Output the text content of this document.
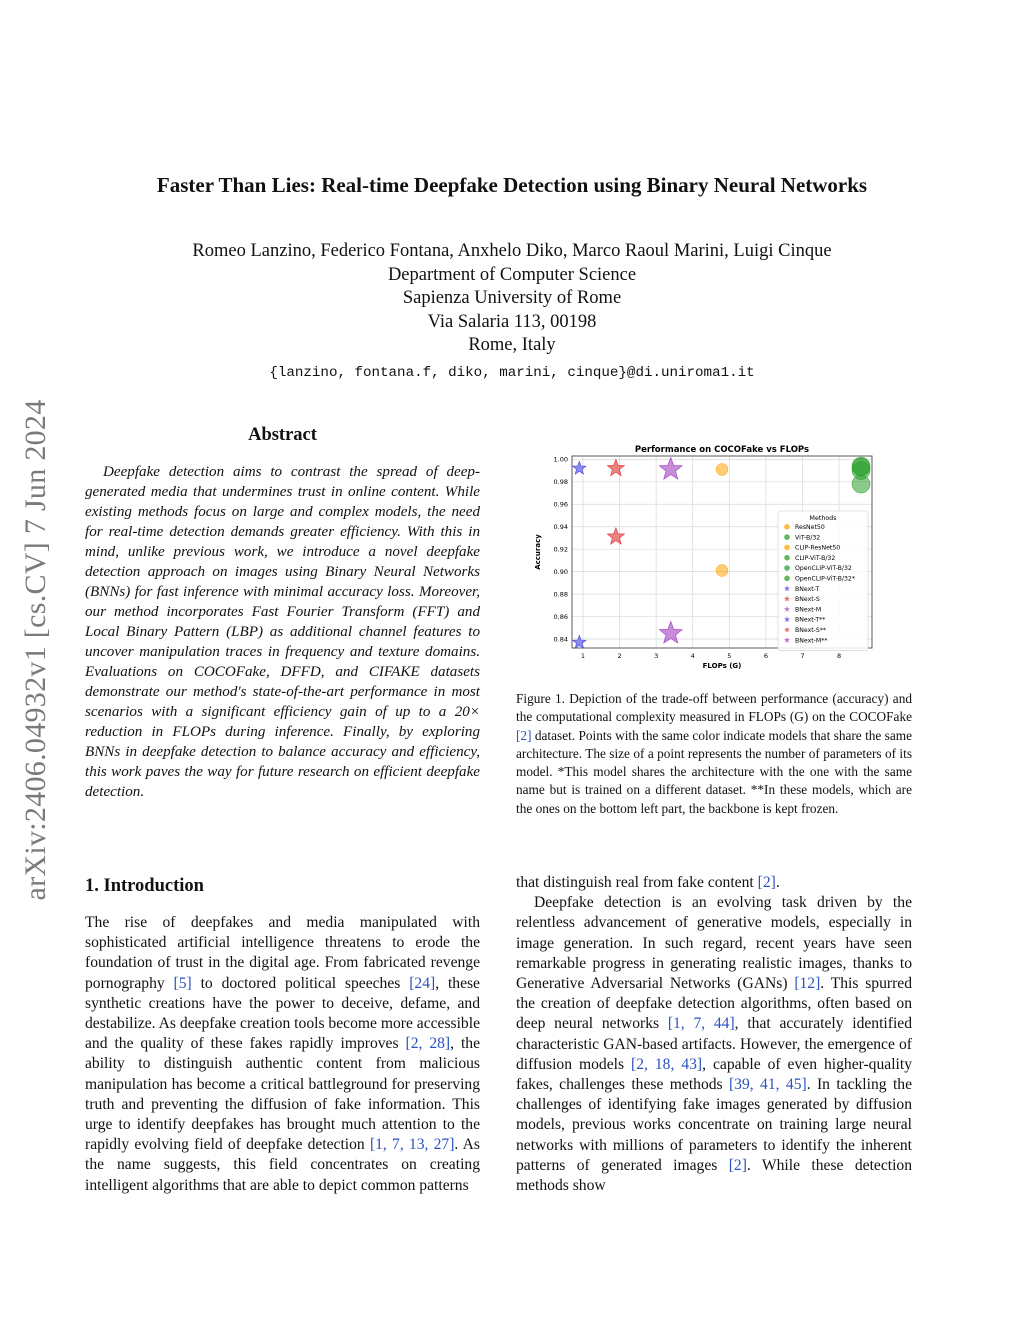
arXiv:2406.04932v1 [cs.CV] 7 Jun 2024
Faster Than Lies: Real-time Deepfake Detection using Binary Neural Networks
Romeo Lanzino, Federico Fontana, Anxhelo Diko, Marco Raoul Marini, Luigi Cinque
Department of Computer Science
Sapienza University of Rome
Via Salaria 113, 00198
Rome, Italy
{lanzino, fontana.f, diko, marini, cinque}@di.uniroma1.it
Abstract

Deepfake detection aims to contrast the spread of deep-generated media that undermines trust in online content. While existing methods focus on large and complex models, the need for real-time detection demands greater efficiency. With this in mind, unlike previous work, we introduce a novel deepfake detection approach on images using Binary Neural Networks (BNNs) for fast inference with minimal accuracy loss. Moreover, our method incorporates Fast Fourier Transform (FFT) and Local Binary Pattern (LBP) as additional channel features to uncover manipulation traces in frequency and texture domains. Evaluations on COCOFake, DFFD, and CIFAKE datasets demonstrate our method's state-of-the-art performance in most scenarios with a significant efficiency gain of up to a 20× reduction in FLOPs during inference. Finally, by exploring BNNs in deepfake detection to balance accuracy and efficiency, this work paves the way for future research on efficient deepfake detection.

Performance on COCOFake vs FLOPs
1	2	3	4	5	6	7	8
0.84
0.86
0.88
0.90
0.92
0.94
0.96
0.98
1.00
FLOPs (G)
Accuracy
Methods
ResNet50
ViT-B/32
CLIP-ResNet50
CLIP-ViT-B/32
OpenCLIP-ViT-B/32
OpenCLIP-ViT-B/32*
BNext-T
BNext-S
BNext-M
BNext-T**
BNext-S**
BNext-M**

Figure 1. Depiction of the trade-off between performance (accuracy) and the computational complexity measured in FLOPs (G) on the COCOFake [2] dataset. Points with the same color indicate models that share the same architecture. The size of a point represents the number of parameters of its model. *This model shares the architecture with the one with the same name but is trained on a different dataset. **In these models, which are the ones on the bottom left part, the backbone is kept frozen.

1. Introduction

The rise of deepfakes and media manipulated with sophisticated artificial intelligence threatens to erode the foundation of trust in the digital age. From fabricated revenge pornography [5] to doctored political speeches [24], these synthetic creations have the power to deceive, defame, and destabilize. As deepfake creation tools become more accessible and the quality of these fakes rapidly improves [2, 28], the ability to distinguish authentic content from malicious manipulation has become a critical battleground for preserving truth and preventing the diffusion of fake information. This urge to identify deepfakes has brought much attention to the rapidly evolving field of deepfake detection [1, 7, 13, 27]. As the name suggests, this field concentrates on creating intelligent algorithms that are able to depict common patterns

that distinguish real from fake content [2].

Deepfake detection is an evolving task driven by the relentless advancement of generative models, especially in image generation. In such regard, recent years have seen remarkable progress in generating realistic images, thanks to Generative Adversarial Networks (GANs) [12]. This spurred the creation of deepfake detection algorithms, often based on deep neural networks [1, 7, 44], that accurately identified characteristic GAN-based artifacts. However, the emergence of diffusion models [2, 18, 43], capable of even higher-quality fakes, challenges these methods [39, 41, 45]. In tackling the challenges of identifying fake images generated by diffusion models, previous works concentrate on training large neural networks with millions of parameters to identify the inherent patterns of generated images [2]. While these detection methods show
